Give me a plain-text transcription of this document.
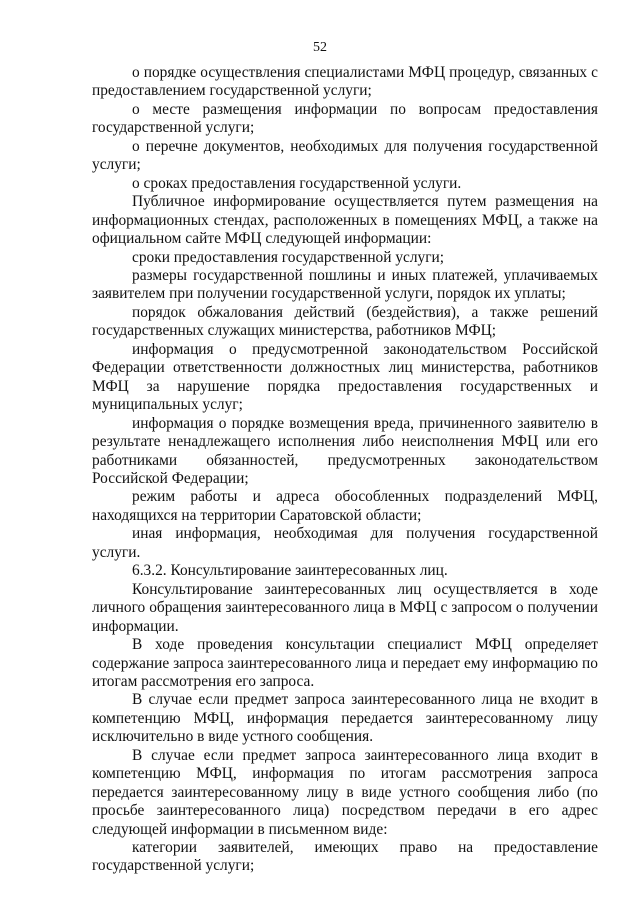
52

о порядке осуществления специалистами МФЦ процедур, связанных с предоставлением государственной услуги;

о месте размещения информации по вопросам предоставления государственной услуги;

о перечне документов, необходимых для получения государственной услуги;

о сроках предоставления государственной услуги.

Публичное информирование осуществляется путем размещения на информационных стендах, расположенных в помещениях МФЦ, а также на официальном сайте МФЦ следующей информации:

сроки предоставления государственной услуги;

размеры государственной пошлины и иных платежей, уплачиваемых заявителем при получении государственной услуги, порядок их уплаты;

порядок обжалования действий (бездействия), а также решений государственных служащих министерства, работников МФЦ;

информация о предусмотренной законодательством Российской Федерации ответственности должностных лиц министерства, работников МФЦ за нарушение порядка предоставления государственных и муниципальных услуг;

информация о порядке возмещения вреда, причиненного заявителю в результате ненадлежащего исполнения либо неисполнения МФЦ или его работниками обязанностей, предусмотренных законодательством Российской Федерации;

режим работы и адреса обособленных подразделений МФЦ, находящихся на территории Саратовской области;

иная информация, необходимая для получения государственной услуги.

6.3.2. Консультирование заинтересованных лиц.

Консультирование заинтересованных лиц осуществляется в ходе личного обращения заинтересованного лица в МФЦ с запросом о получении информации.

В ходе проведения консультации специалист МФЦ определяет содержание запроса заинтересованного лица и передает ему информацию по итогам рассмотрения его запроса.

В случае если предмет запроса заинтересованного лица не входит в компетенцию МФЦ, информация передается заинтересованному лицу исключительно в виде устного сообщения.

В случае если предмет запроса заинтересованного лица входит в компетенцию МФЦ, информация по итогам рассмотрения запроса передается заинтересованному лицу в виде устного сообщения либо (по просьбе заинтересованного лица) посредством передачи в его адрес следующей информации в письменном виде:

категории заявителей, имеющих право на предоставление государственной услуги;
